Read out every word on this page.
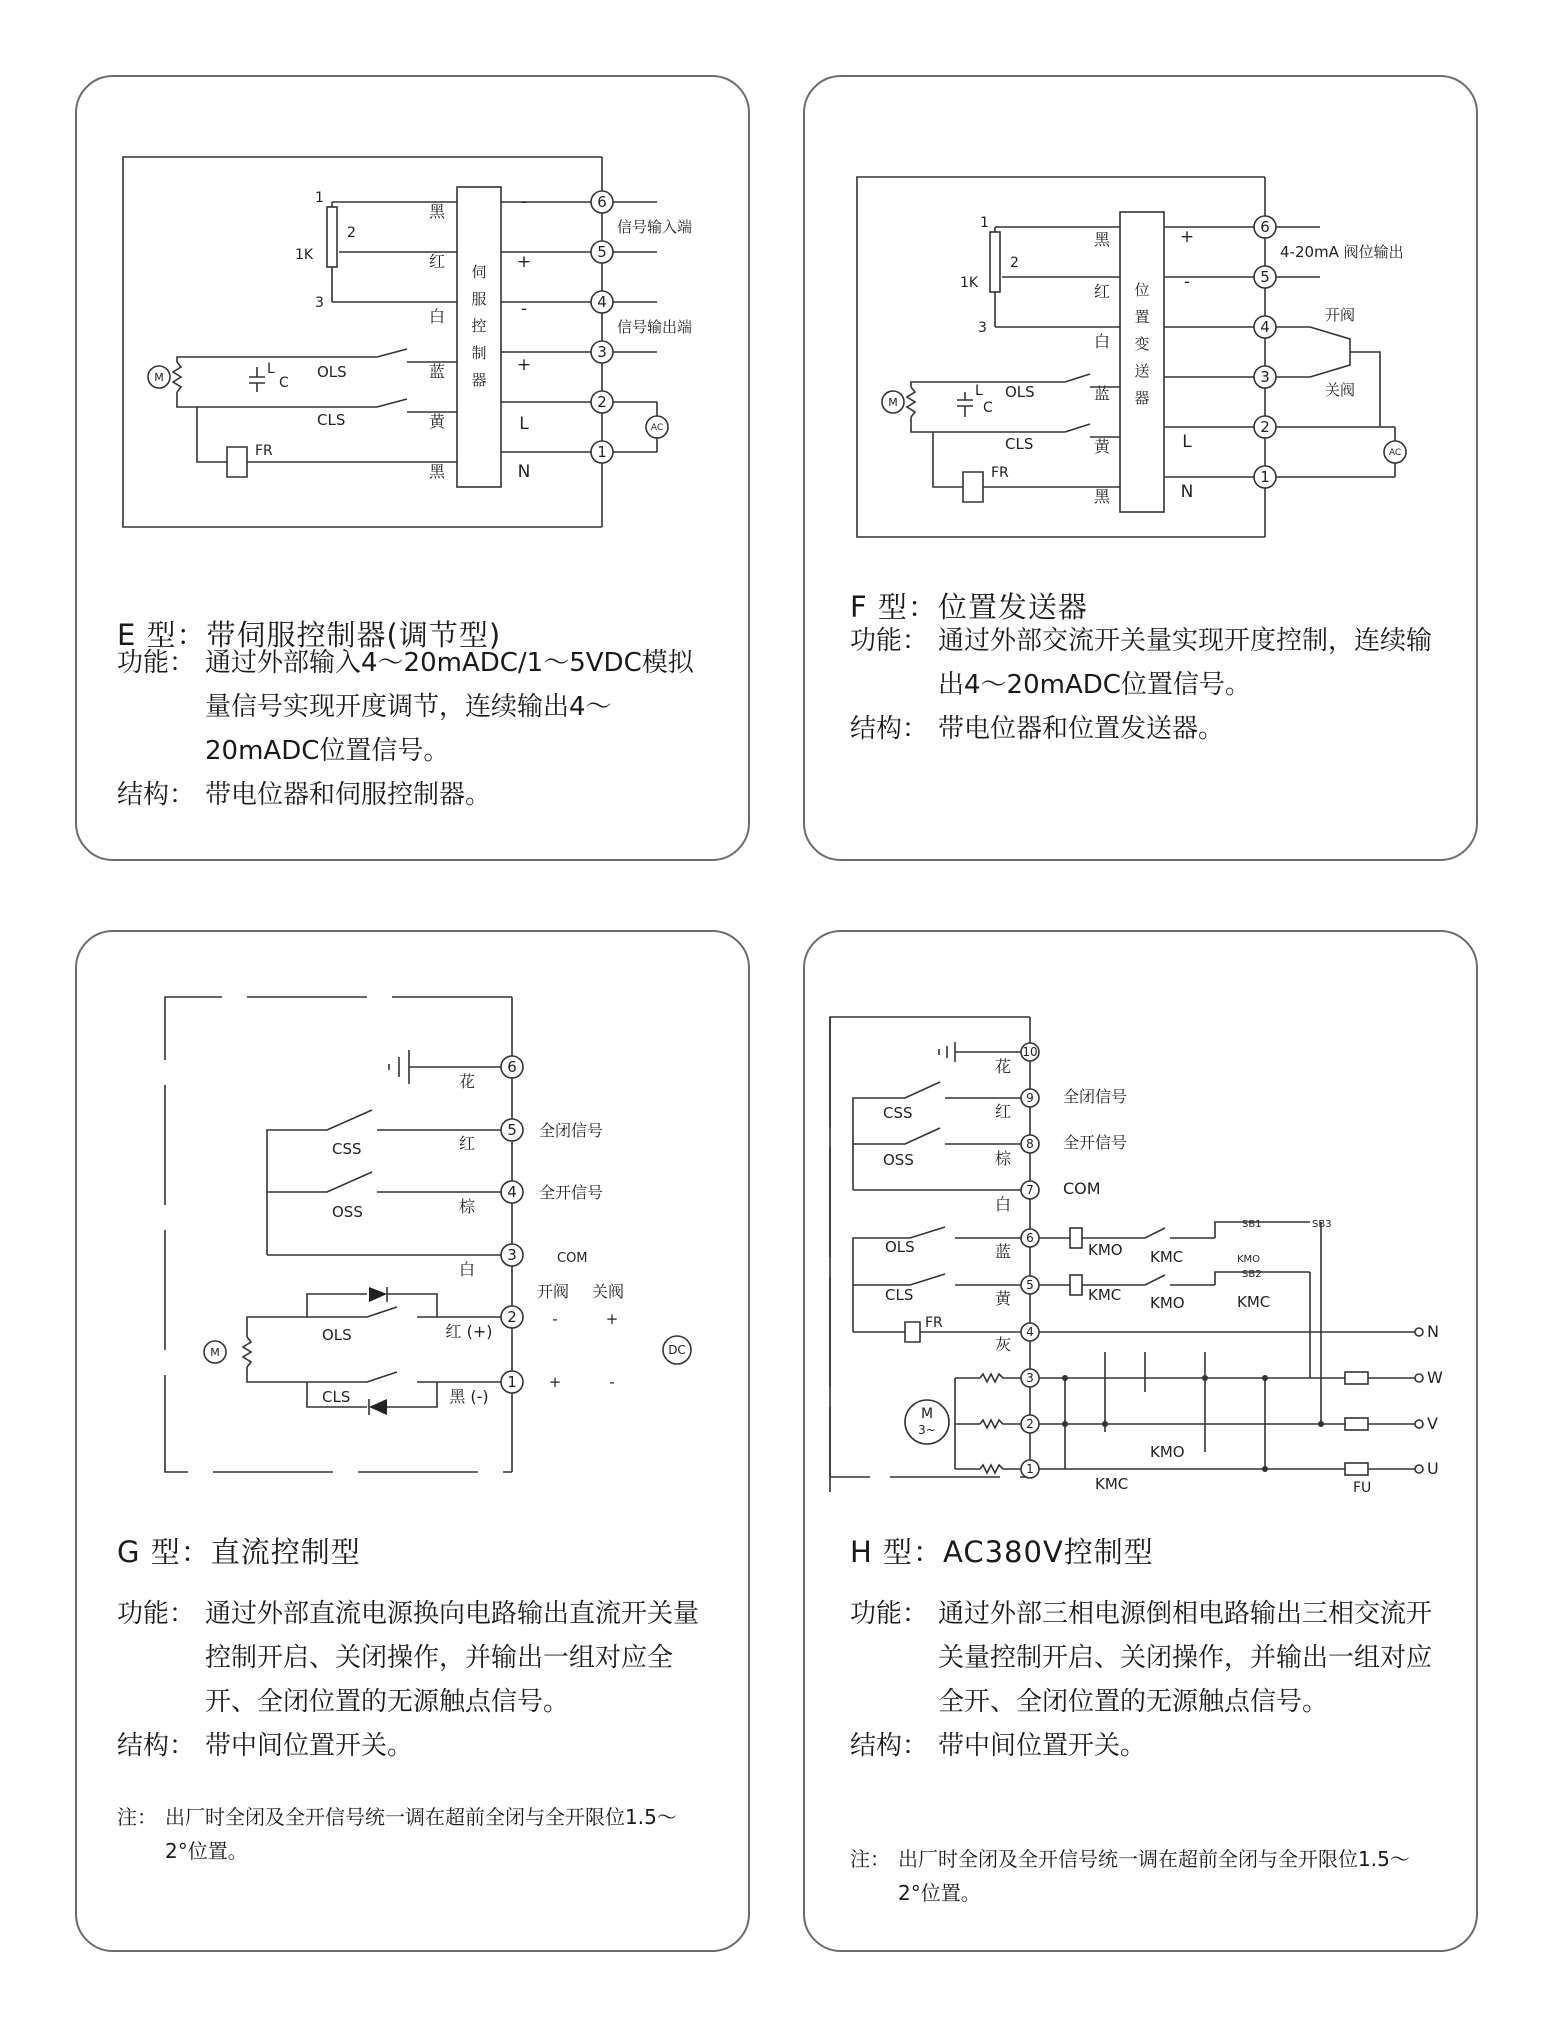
伺
服
控
制
器
6
5
4
3
2
1
黑
红
白
蓝
黄
黑
-
+
-
+
L
N
信号输入端
信号输出端
AC
1
2
3
1K
M
L
C
OLS
CLS
FR
E 型：带伺服控制器(调节型)
功能： 通过外部输入4～20mADC/1～5VDC模拟量信号实现开度调节，连续输出4～20mADC位置信号。
结构： 带电位器和伺服控制器。
位
置
变
送
器
6
5
4
3
2
1
黑
红
白
蓝
黄
黑
+
-
L
N
4-20mA 阀位输出
开阀
关阀
AC
1
2
3
1K
M
L
C
OLS
CLS
FR
F 型：位置发送器
功能： 通过外部交流开关量实现开度控制，连续输出4～20mADC位置信号。
结构： 带电位器和位置发送器。
6
5
4
3
2
1
花
红
棕
白
红 (+)
黑 (-)
全闭信号
全开信号
COM
开阀 关阀
-	+
+	-
DC
CSS
OSS
M
OLS
CLS
G 型：直流控制型
功能： 通过外部直流电源换向电路输出直流开关量控制开启、关闭操作，并输出一组对应全开、全闭位置的无源触点信号。
结构： 带中间位置开关。
注： 出厂时全闭及全开信号统一调在超前全闭与全开限位1.5～2°位置。
10
9
8
7
6
5
4
3
2
1
花
红
棕
白
蓝
黄
灰
全闭信号
全开信号
COM
CSS
OSS
OLS
CLS
FR
KMO
KMC
KMC
KMO
SB1
KMO
SB2
SB3
KMC
FU
N
W
V
U
M
3~
KMO
KMC
H 型：AC380V控制型
功能： 通过外部三相电源倒相电路输出三相交流开关量控制开启、关闭操作，并输出一组对应全开、全闭位置的无源触点信号。
结构： 带中间位置开关。
注： 出厂时全闭及全开信号统一调在超前全闭与全开限位1.5～2°位置。
